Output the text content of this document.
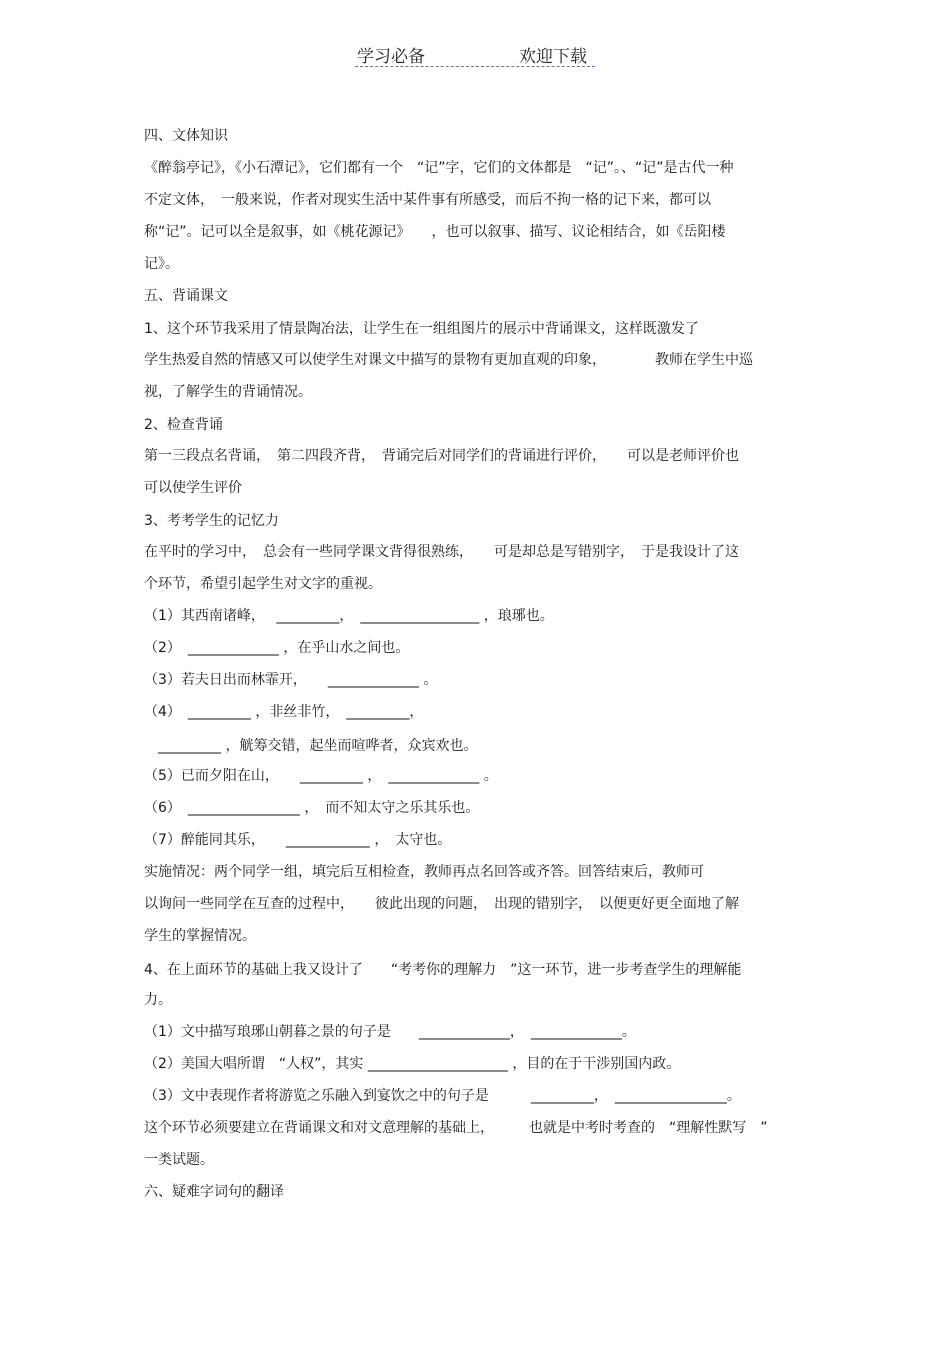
学习必备	欢迎下载
四、文体知识
《醉翁亭记》，《小石潭记》，它们都有一个　“记”字，它们的文体都是　“记”。、“记”是古代一种
不定文体，　一般来说，作者对现实生活中某件事有所感受，而后不拘一格的记下来，都可以
称“记”。记可以全是叙事，如《桃花源记》　　，也可以叙事、描写、议论相结合，如《岳阳楼
记》。
五、背诵课文
1、这个环节我采用了情景陶冶法，让学生在一组组图片的展示中背诵课文，这样既激发了
学生热爱自然的情感又可以使学生对课文中描写的景物有更加直观的印象，　　　　教师在学生中巡
视，了解学生的背诵情况。
2、检查背诵
第一三段点名背诵，　第二四段齐背，　背诵完后对同学们的背诵进行评价，　　可以是老师评价也
可以使学生评价
3、考考学生的记忆力
在平时的学习中，　总会有一些同学课文背得很熟练，　　可是却总是写错别字，　于是我设计了这
个环节，希望引起学生对文字的重视。
（1）其西南诸峰，　 _________，　_________________ ，琅琊也。
（2）　_____________ ，在乎山水之间也。
（3）若夫日出而林霏开，　　_____________ 。
（4）　_________ ，非丝非竹，　_________，
　_________ ，觥筹交错，起坐而喧哗者，众宾欢也。
（5）已而夕阳在山，　　_________ ，　_____________ 。
（6）　________________ ，　而不知太守之乐其乐也。
（7）醉能同其乐，　　____________ ，　太守也。
实施情况：两个同学一组，填完后互相检查，教师再点名回答或齐答。回答结束后，教师可
以询问一些同学在互查的过程中，　　彼此出现的问题，　出现的错别字，　以便更好更全面地了解
学生的掌握情况。
4、在上面环节的基础上我又设计了　　“考考你的理解力　”这一环节，进一步考查学生的理解能
力。
（1）文中描写琅琊山朝暮之景的句子是　　_____________，　_____________。
（2）美国大唱所谓　“人权”，其实 ____________________ ，目的在于干涉别国内政。
（3）文中表现作者将游览之乐融入到宴饮之中的句子是　　　_________，　________________。
这个环节必须要建立在背诵课文和对文意理解的基础上，　　　也就是中考时考查的　“理解性默写　”
一类试题。
六、疑难字词句的翻译
